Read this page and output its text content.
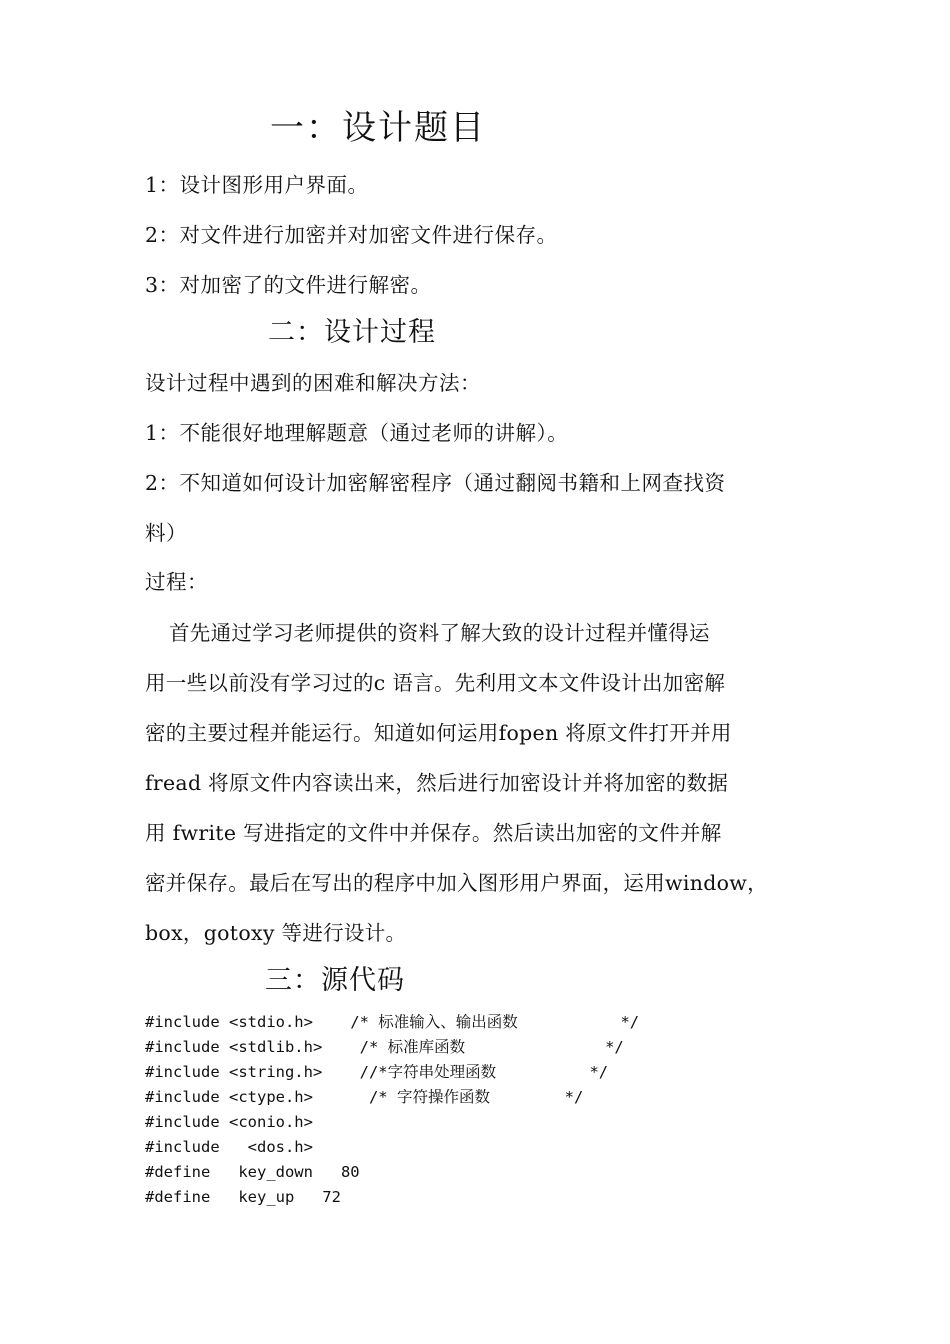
一：设计题目
1：设计图形用户界面。
2：对文件进行加密并对加密文件进行保存。
3：对加密了的文件进行解密。
二：设计过程
设计过程中遇到的困难和解决方法：
1：不能很好地理解题意（通过老师的讲解）。
2：不知道如何设计加密解密程序（通过翻阅书籍和上网查找资
料）
过程：
首先通过学习老师提供的资料了解大致的设计过程并懂得运
用一些以前没有学习过的c 语言。先利用文本文件设计出加密解
密的主要过程并能运行。知道如何运用fopen 将原文件打开并用
fread 将原文件内容读出来，然后进行加密设计并将加密的数据
用 fwrite 写进指定的文件中并保存。然后读出加密的文件并解
密并保存。最后在写出的程序中加入图形用户界面，运用window，
box，gotoxy 等进行设计。
三：源代码
#include <stdio.h>    /* 标准输入、输出函数           */
#include <stdlib.h>    /* 标准库函数               */
#include <string.h>    //*字符串处理函数          */
#include <ctype.h>      /* 字符操作函数        */
#include <conio.h>
#include   <dos.h>
#define   key_down   80
#define   key_up   72
